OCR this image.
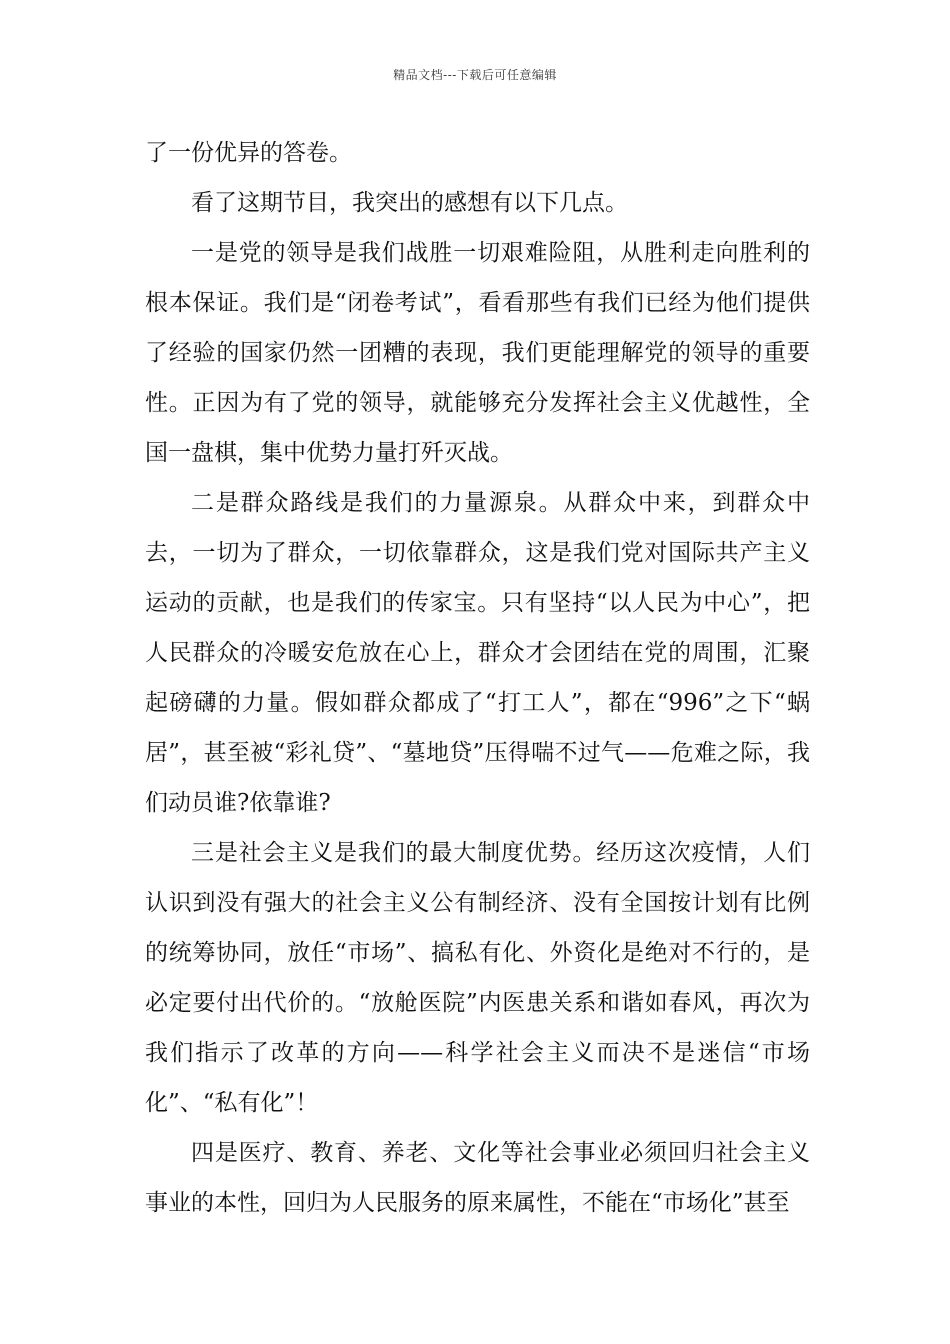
精品文档---下载后可任意编辑

了一份优异的答卷。

看了这期节目，我突出的感想有以下几点。

一是党的领导是我们战胜一切艰难险阻，从胜利走向胜利的根本保证。我们是“闭卷考试”，看看那些有我们已经为他们提供了经验的国家仍然一团糟的表现，我们更能理解党的领导的重要性。正因为有了党的领导，就能够充分发挥社会主义优越性，全国一盘棋，集中优势力量打歼灭战。

二是群众路线是我们的力量源泉。从群众中来，到群众中去，一切为了群众，一切依靠群众，这是我们党对国际共产主义运动的贡献，也是我们的传家宝。只有坚持“以人民为中心”，把人民群众的冷暖安危放在心上，群众才会团结在党的周围，汇聚起磅礴的力量。假如群众都成了“打工人”，都在“996”之下“蜗居”，甚至被“彩礼贷”、“墓地贷”压得喘不过气——危难之际，我们动员谁?依靠谁?

三是社会主义是我们的最大制度优势。经历这次疫情，人们认识到没有强大的社会主义公有制经济、没有全国按计划有比例的统筹协同，放任“市场”、搞私有化、外资化是绝对不行的，是必定要付出代价的。“放舱医院”内医患关系和谐如春风，再次为我们指示了改革的方向——科学社会主义而决不是迷信“市场化”、“私有化”！

四是医疗、教育、养老、文化等社会事业必须回归社会主义事业的本性，回归为人民服务的原来属性，不能在“市场化”甚至
